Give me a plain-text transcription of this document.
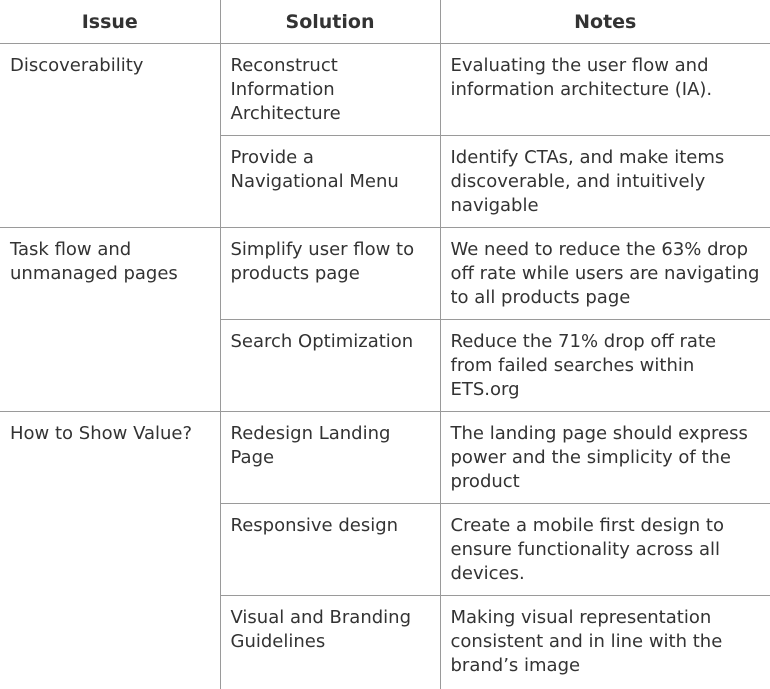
Issue	Solution	Notes
Discoverability	Reconstruct Information Architecture	Evaluating the user flow and information architecture (IA).
	Provide a Navigational Menu	Identify CTAs, and make items discoverable, and intuitively navigable
Task flow and unmanaged pages	Simplify user flow to products page	We need to reduce the 63% drop off rate while users are navigating to all products page
	Search Optimization	Reduce the 71% drop off rate from failed searches within ETS.org
How to Show Value?	Redesign Landing Page	The landing page should express power and the simplicity of the product
	Responsive design	Create a mobile first design to ensure functionality across all devices.
	Visual and Branding Guidelines	Making visual representation consistent and in line with the brand’s image
